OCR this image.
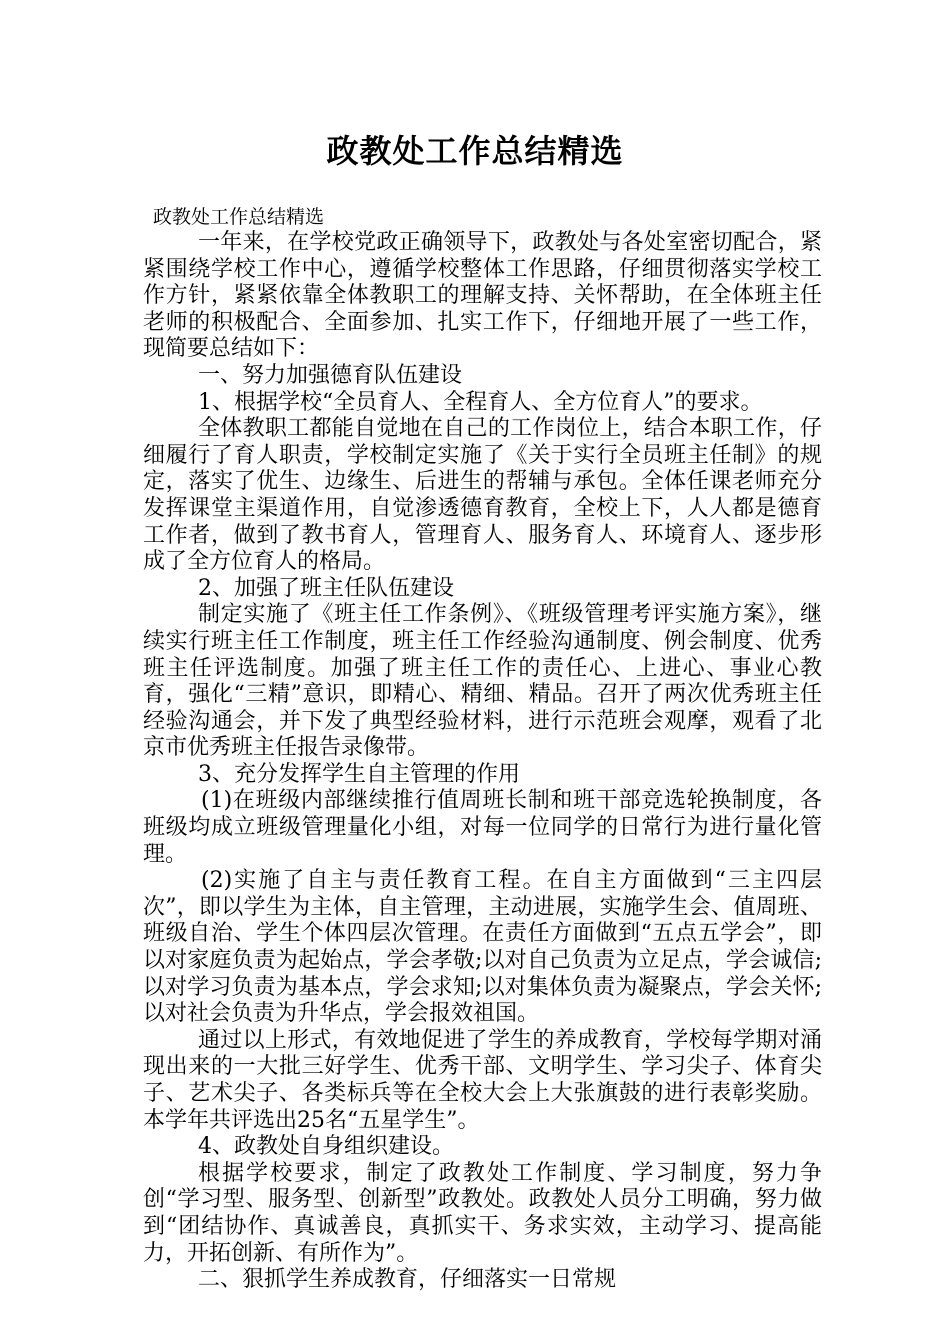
政教处工作总结精选

政教处工作总结精选

一年来，在学校党政正确领导下，政教处与各处室密切配合，紧紧围绕学校工作中心，遵循学校整体工作思路，仔细贯彻落实学校工作方针，紧紧依靠全体教职工的理解支持、关怀帮助，在全体班主任老师的积极配合、全面参加、扎实工作下，仔细地开展了一些工作，现简要总结如下：

一、努力加强德育队伍建设

1、根据学校“全员育人、全程育人、全方位育人”的要求。

全体教职工都能自觉地在自己的工作岗位上，结合本职工作，仔细履行了育人职责，学校制定实施了《关于实行全员班主任制》的规定，落实了优生、边缘生、后进生的帮辅与承包。全体任课老师充分发挥课堂主渠道作用，自觉渗透德育教育，全校上下，人人都是德育工作者，做到了教书育人，管理育人、服务育人、环境育人、逐步形成了全方位育人的格局。

2、加强了班主任队伍建设

制定实施了《班主任工作条例》、《班级管理考评实施方案》，继续实行班主任工作制度，班主任工作经验沟通制度、例会制度、优秀班主任评选制度。加强了班主任工作的责任心、上进心、事业心教育，强化“三精”意识，即精心、精细、精品。召开了两次优秀班主任经验沟通会，并下发了典型经验材料，进行示范班会观摩，观看了北京市优秀班主任报告录像带。

3、充分发挥学生自主管理的作用

(1)在班级内部继续推行值周班长制和班干部竞选轮换制度，各班级均成立班级管理量化小组，对每一位同学的日常行为进行量化管理。

(2)实施了自主与责任教育工程。在自主方面做到“三主四层次”，即以学生为主体，自主管理，主动进展，实施学生会、值周班、班级自治、学生个体四层次管理。在责任方面做到“五点五学会”，即以对家庭负责为起始点，学会孝敬;以对自己负责为立足点，学会诚信;以对学习负责为基本点，学会求知;以对集体负责为凝聚点，学会关怀;以对社会负责为升华点，学会报效祖国。

通过以上形式，有效地促进了学生的养成教育，学校每学期对涌现出来的一大批三好学生、优秀干部、文明学生、学习尖子、体育尖子、艺术尖子、各类标兵等在全校大会上大张旗鼓的进行表彰奖励。本学年共评选出25名“五星学生”。

4、政教处自身组织建设。

根据学校要求，制定了政教处工作制度、学习制度，努力争创“学习型、服务型、创新型”政教处。政教处人员分工明确，努力做到“团结协作、真诚善良，真抓实干、务求实效，主动学习、提高能力，开拓创新、有所作为”。

二、狠抓学生养成教育，仔细落实一日常规
